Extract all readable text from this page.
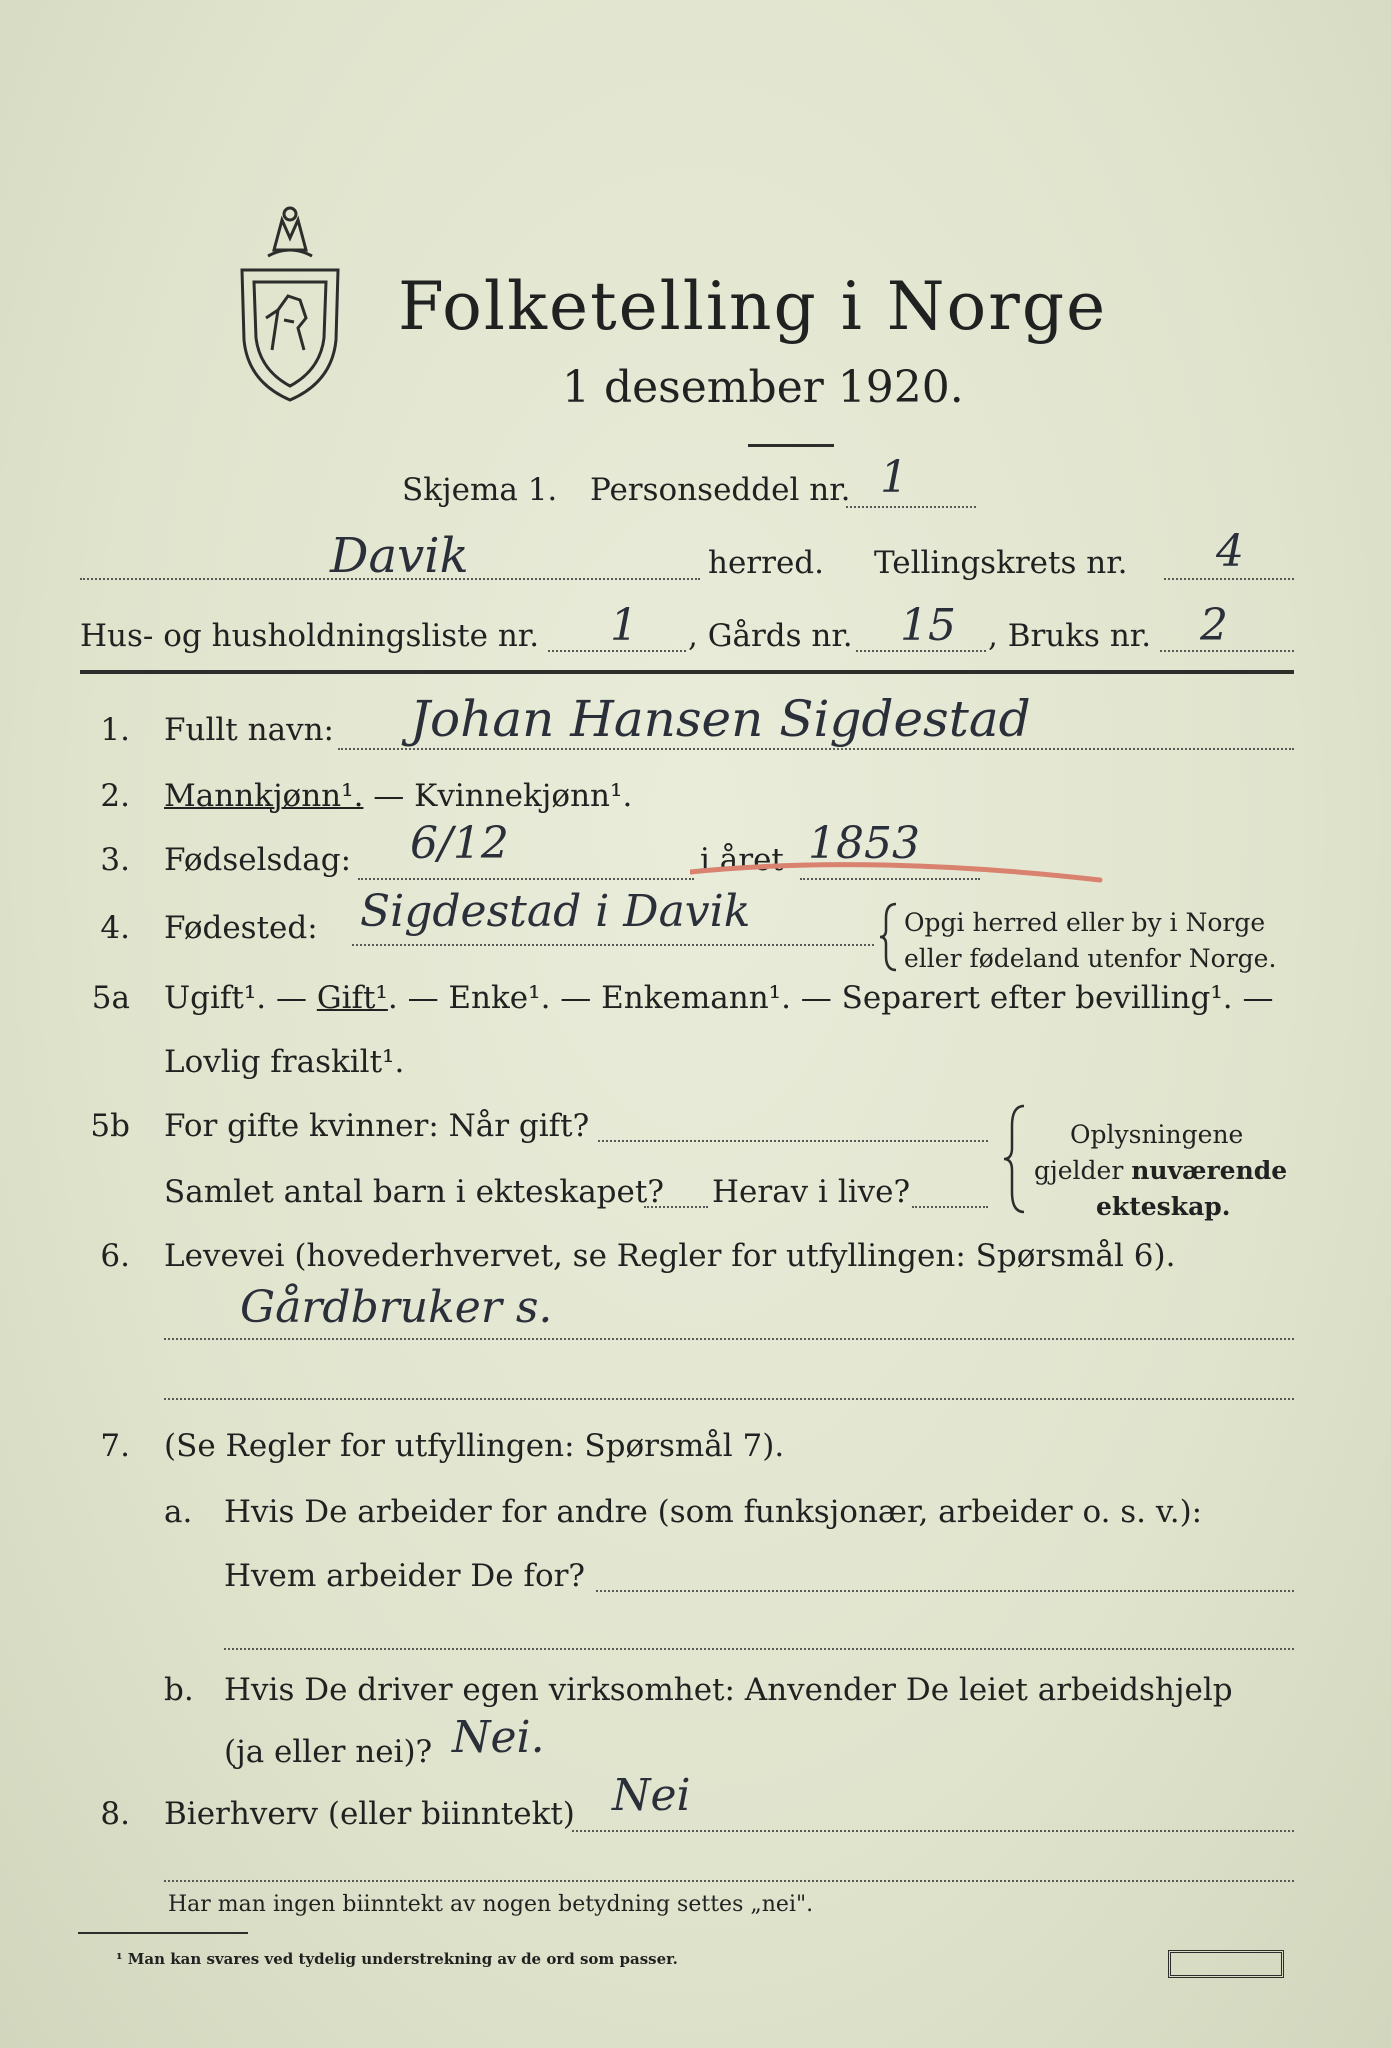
Folketelling i Norge
1 desember 1920.
Skjema 1. Personseddel nr. 1
Davik	herred. Tellingskrets nr. 4
Hus- og husholdningsliste nr. 1 , Gårds nr. 15 , Bruks nr. 2
1. Fullt navn: Johan Hansen Sigdestad
2. Mannkjønn¹. — Kvinnekjønn¹.
3. Fødselsdag: 6/12	i året 1853
4. Fødested: Sigdestad i Davik	Opgi herred eller by i Norge
eller fødeland utenfor Norge.
5a Ugift¹. — Gift¹. — Enke¹. — Enkemann¹. — Separert efter bevilling¹. —
Lovlig fraskilt¹.
5b For gifte kvinner: Når gift?
Samlet antal barn i ekteskapet? Herav i live?
Oplysningene
gjelder nuværende
ekteskap.
6. Levevei (hovederhvervet, se Regler for utfyllingen: Spørsmål 6).
Gårdbruker s.
7. (Se Regler for utfyllingen: Spørsmål 7).
a. Hvis De arbeider for andre (som funksjonær, arbeider o. s. v.):
Hvem arbeider De for?
b. Hvis De driver egen virksomhet: Anvender De leiet arbeidshjelp
(ja eller nei)? Nei.
8. Bierhverv (eller biinntekt) Nei
Har man ingen biinntekt av nogen betydning settes „nei".
¹ Man kan svares ved tydelig understrekning av de ord som passer.
